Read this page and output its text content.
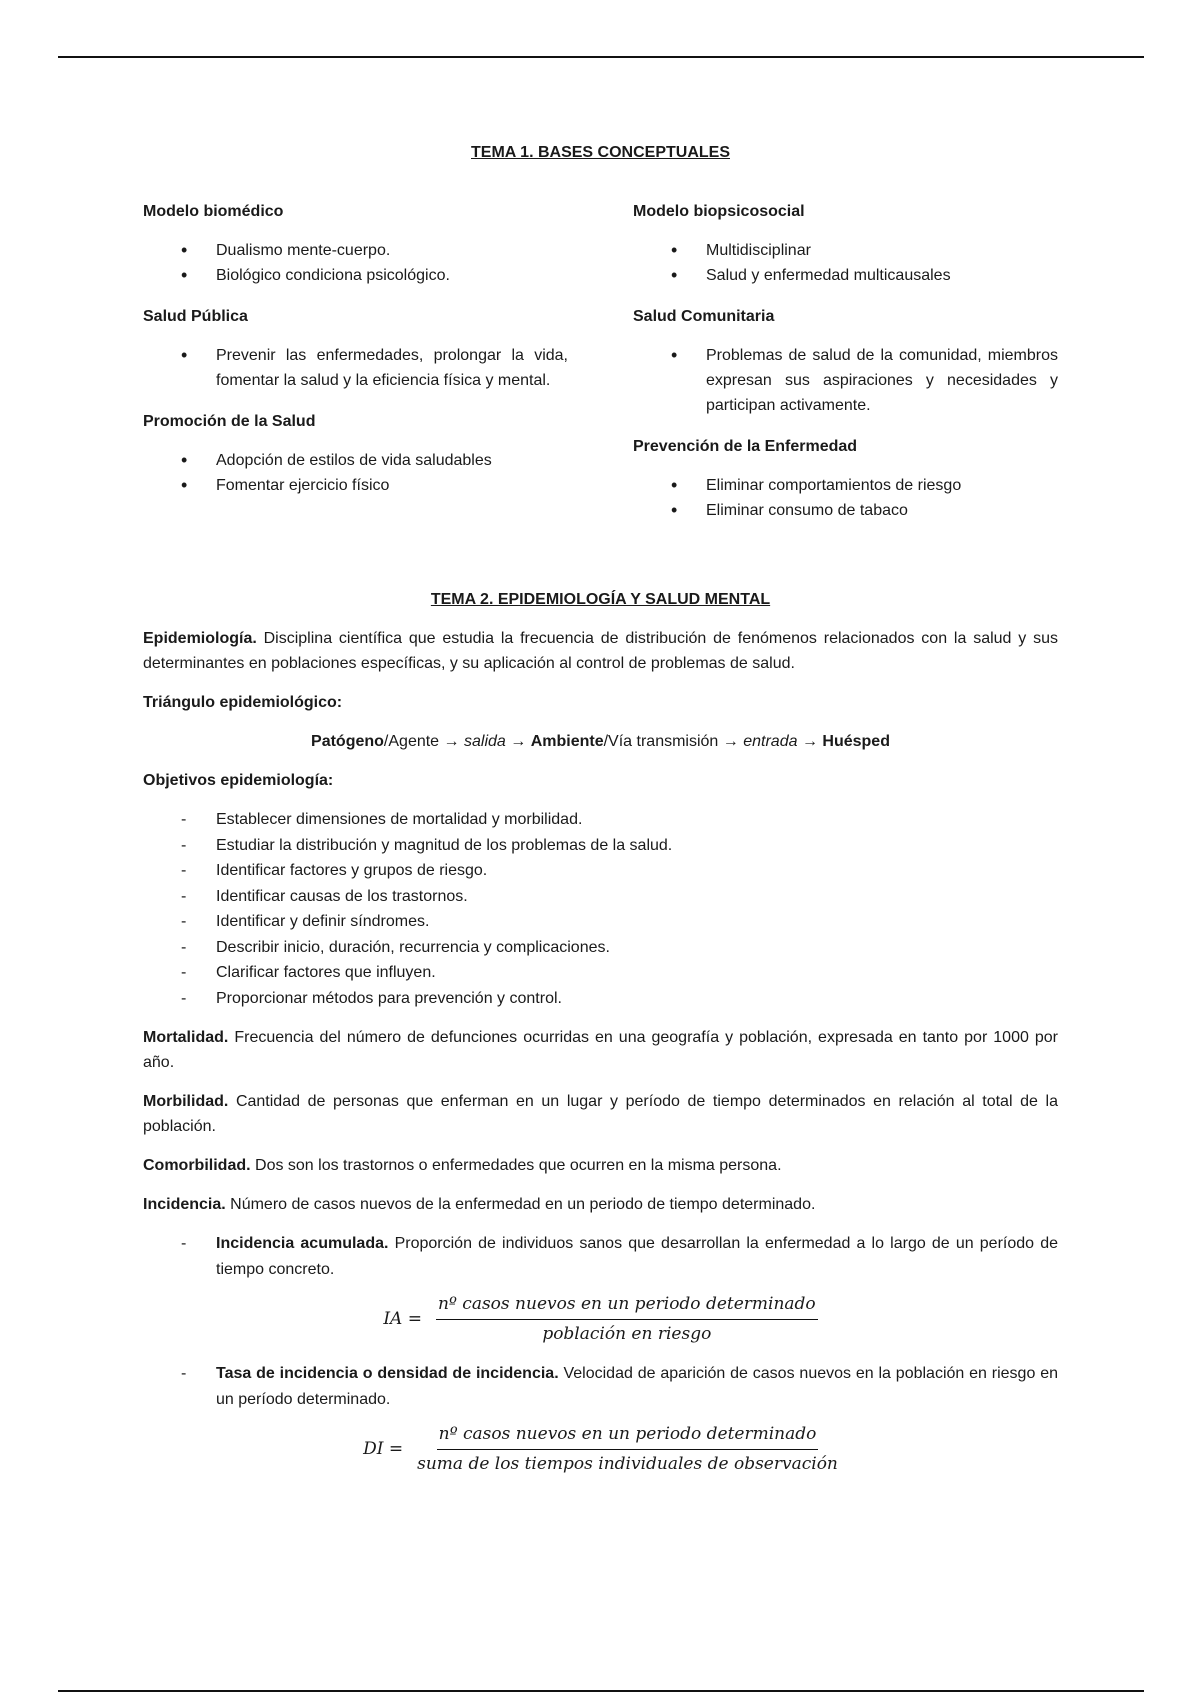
TEMA 1. BASES CONCEPTUALES
Modelo biomédico
• Dualismo mente-cuerpo.
• Biológico condiciona psicológico.
Salud Pública
• Prevenir las enfermedades, prolongar la vida, fomentar la salud y la eficiencia física y mental.
Promoción de la Salud
• Adopción de estilos de vida saludables
• Fomentar ejercicio físico
Modelo biopsicosocial
• Multidisciplinar
• Salud y enfermedad multicausales
Salud Comunitaria
• Problemas de salud de la comunidad, miembros expresan sus aspiraciones y necesidades y participan activamente.
Prevención de la Enfermedad
• Eliminar comportamientos de riesgo
• Eliminar consumo de tabaco
TEMA 2. EPIDEMIOLOGÍA Y SALUD MENTAL

Epidemiología. Disciplina científica que estudia la frecuencia de distribución de fenómenos relacionados con la salud y sus determinantes en poblaciones específicas, y su aplicación al control de problemas de salud.

Triángulo epidemiológico:

Patógeno/Agente → salida → Ambiente/Vía transmisión → entrada → Huésped

Objetivos epidemiología:

- Establecer dimensiones de mortalidad y morbilidad.
- Estudiar la distribución y magnitud de los problemas de la salud.
- Identificar factores y grupos de riesgo.
- Identificar causas de los trastornos.
- Identificar y definir síndromes.
- Describir inicio, duración, recurrencia y complicaciones.
- Clarificar factores que influyen.
- Proporcionar métodos para prevención y control.

Mortalidad. Frecuencia del número de defunciones ocurridas en una geografía y población, expresada en tanto por 1000 por año.

Morbilidad. Cantidad de personas que enferman en un lugar y período de tiempo determinados en relación al total de la población.

Comorbilidad. Dos son los trastornos o enfermedades que ocurren en la misma persona.

Incidencia. Número de casos nuevos de la enfermedad en un periodo de tiempo determinado.

- Incidencia acumulada. Proporción de individuos sanos que desarrollan la enfermedad a lo largo de un período de tiempo concreto.
IA = $\frac{\text{nº casos nuevos en un periodo determinado}}{\text{población en riesgo}}$
- Tasa de incidencia o densidad de incidencia. Velocidad de aparición de casos nuevos en la población en riesgo en un período determinado.
DI = $\frac{\text{nº casos nuevos en un periodo determinado}}{\text{suma de los tiempos individuales de observación}}$
